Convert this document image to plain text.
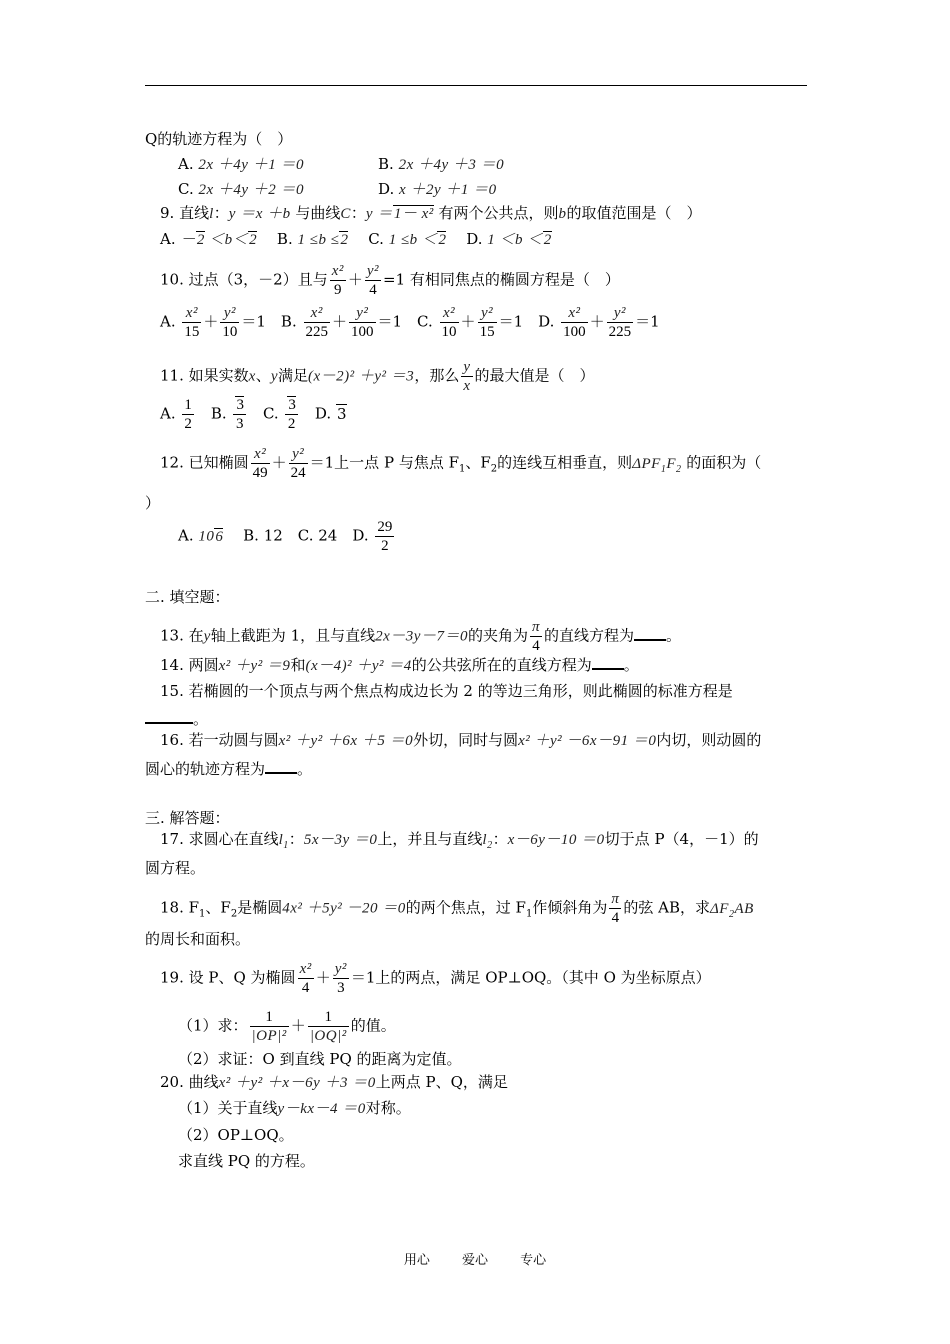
Q的轨迹方程为（　）
A. 2x ＋4y ＋1 ＝0	B. 2x ＋4y ＋3 ＝0
C. 2x ＋4y ＋2 ＝0	D. x ＋2y ＋1 ＝0
9. 直线l：y ＝x ＋b 与曲线C：y ＝1－ x² 有两个公共点，则b的取值范围是（　）
A. －2 ＜b＜2　 B. 1 ≤b ≤2　 C. 1 ≤b ＜2　 D. 1 ＜b ＜2
10. 过点（3，－2）且与 $\frac{\text{x²}}{9} + \frac{\text{y²}}{4} =1$ 有相同焦点的椭圆方程是（　）
A. $\frac{\text{x²}}{15} + \frac{\text{y²}}{10} =1$　B. $\frac{\text{x²}}{225} + \frac{\text{y²}}{100} =1$　C. $\frac{\text{x²}}{10} + \frac{\text{y²}}{15} =1$　D. $\frac{\text{x²}}{100} + \frac{\text{y²}}{225} =1$
11. 如果实数x、y满足(x－2)² ＋y² ＝3，那么 $\frac{y}{x}$ 的最大值是（　）
A. $\frac{1}{2}$ 　B. $\frac{3}{3}$ 　C. $\frac{3}{2}$ 　D. 3
12. 已知椭圆 $\frac{\text{x²}}{49} + \frac{\text{y²}}{24} =1$上一点 P 与焦点 $F_1$、$F_2$的连线互相垂直，则$\Delta PF_1F_2$ 的面积为（
）
A. 106　 B. 12　C. 24　D. $\frac{29}{2}$
二. 填空题：
13. 在y轴上截距为 1，且与直线2x－3y－7＝0的夹角为 $\frac{\pi}{4}$ 的直线方程为 。
14. 两圆x² ＋y² ＝9和(x－4)² ＋y² ＝4的公共弦所在的直线方程为 。
15. 若椭圆的一个顶点与两个焦点构成边长为 2 的等边三角形，则此椭圆的标准方程是
。
16. 若一动圆与圆x² ＋y² ＋6x ＋5 ＝0外切，同时与圆x² ＋y² －6x－91 ＝0内切，则动圆的
圆心的轨迹方程为 。
三. 解答题：
17. 求圆心在直线$l_1$：5x－3y ＝0上，并且与直线$l_2$：x－6y－10 ＝0切于点 P（4，－1）的
圆方程。
18. $F_1$、$F_2$是椭圆4x² ＋5y² －20 ＝0的两个焦点，过 $F_1$作倾斜角为 $\frac{\pi}{4}$ 的弦 AB，求$\Delta F_2AB$
的周长和面积。
19. 设 P、Q 为椭圆 $\frac{\text{x²}}{4} + \frac{\text{y²}}{3} =1$上的两点，满足 OP⊥OQ。（其中 O 为坐标原点）
（1）求： $\frac{1}{\text{|OP|²}} + \frac{1}{\text{|OQ|²}}$ 的值。
（2）求证：O 到直线 PQ 的距离为定值。
20. 曲线x² ＋y² ＋x－6y ＋3 ＝0上两点 P、Q，满足
（1）关于直线y－kx－4 ＝0对称。
（2）OP⊥OQ。
求直线 PQ 的方程。
用心 爱心 专心
